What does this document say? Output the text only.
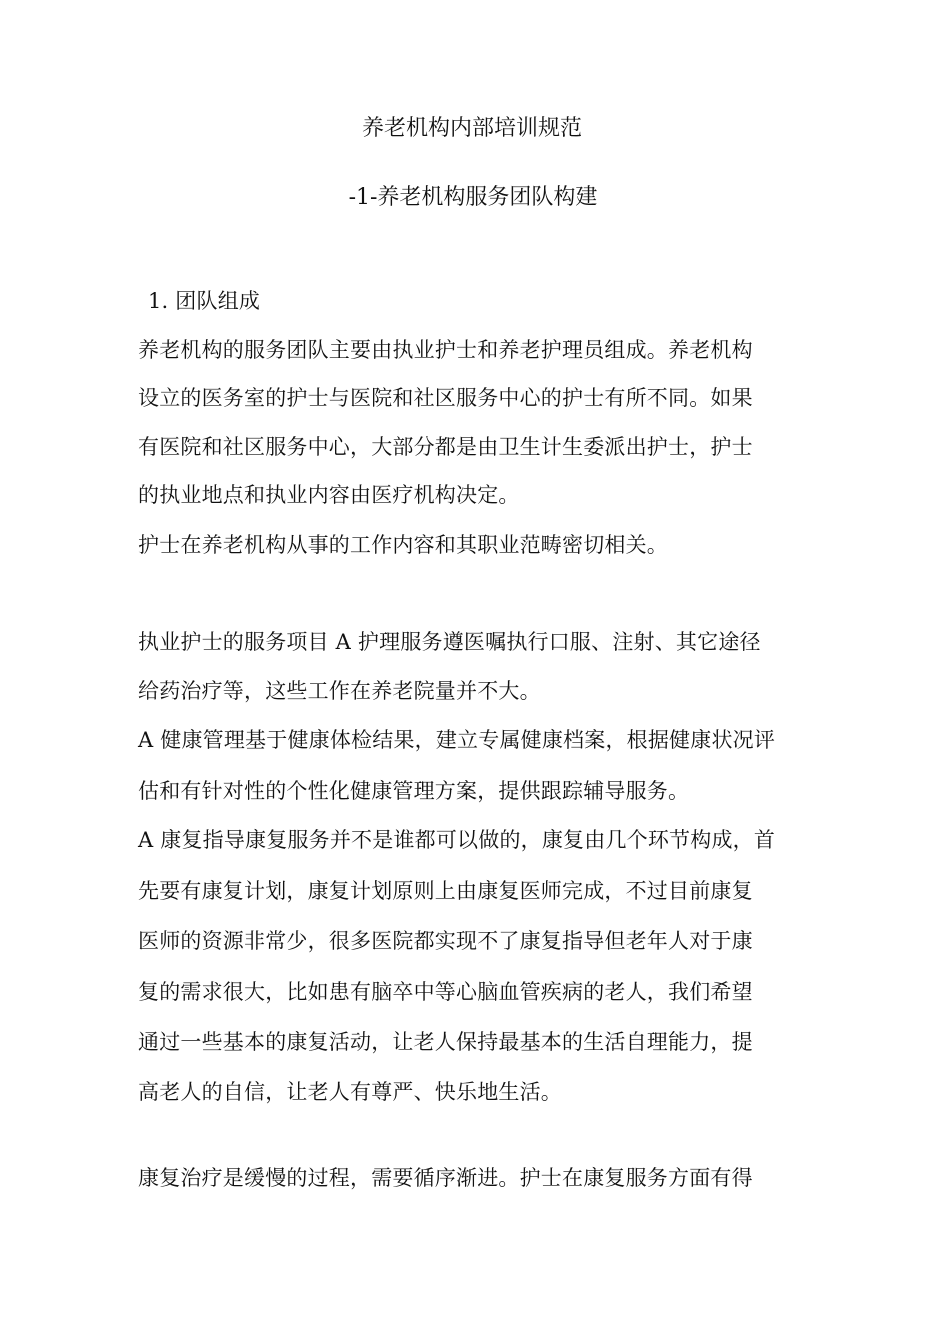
养老机构内部培训规范
-1-养老机构服务团队构建

1. 团队组成

养老机构的服务团队主要由执业护士和养老护理员组成。养老机构

设立的医务室的护士与医院和社区服务中心的护士有所不同。如果

有医院和社区服务中心，大部分都是由卫生计生委派出护士，护士

的执业地点和执业内容由医疗机构决定。

护士在养老机构从事的工作内容和其职业范畴密切相关。

执业护士的服务项目 A 护理服务遵医嘱执行口服、注射、其它途径

给药治疗等，这些工作在养老院量并不大。

A 健康管理基于健康体检结果，建立专属健康档案，根据健康状况评

估和有针对性的个性化健康管理方案，提供跟踪辅导服务。

A 康复指导康复服务并不是谁都可以做的，康复由几个环节构成，首

先要有康复计划，康复计划原则上由康复医师完成，不过目前康复

医师的资源非常少，很多医院都实现不了康复指导但老年人对于康

复的需求很大，比如患有脑卒中等心脑血管疾病的老人，我们希望

通过一些基本的康复活动，让老人保持最基本的生活自理能力，提

高老人的自信，让老人有尊严、快乐地生活。

康复治疗是缓慢的过程，需要循序渐进。护士在康复服务方面有得
